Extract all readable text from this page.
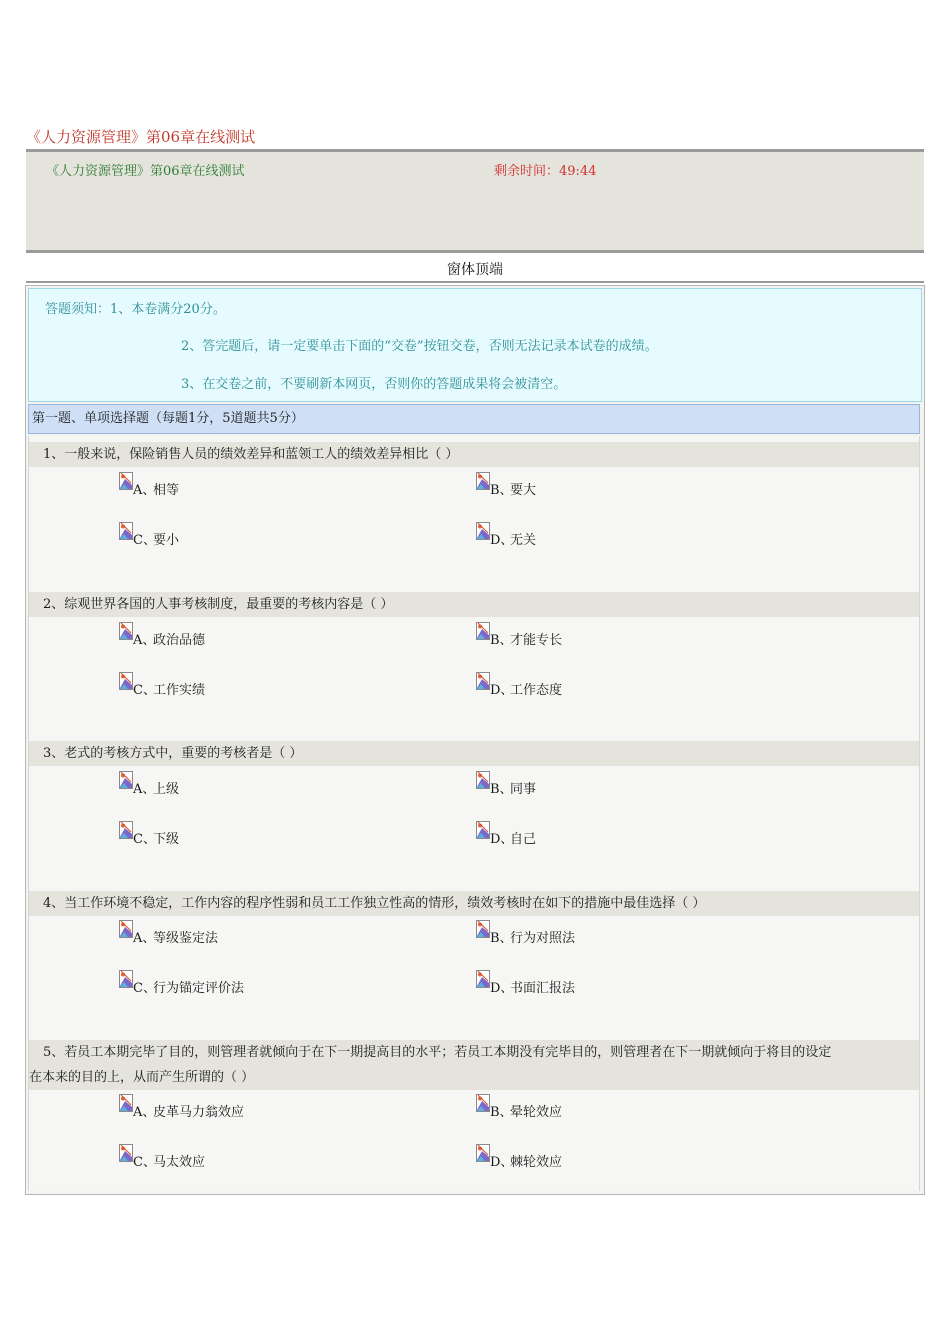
《人力资源管理》第06章在线测试
《人力资源管理》第06章在线测试	剩余时间：49:44
窗体顶端
答题须知：1、本卷满分20分。
2、答完题后，请一定要单击下面的“交卷”按钮交卷，否则无法记录本试卷的成绩。
3、在交卷之前，不要刷新本网页，否则你的答题成果将会被清空。
第一题、单项选择题（每题1分，5道题共5分）
1、一般来说，保险销售人员的绩效差异和蓝领工人的绩效差异相比（ ）
A、
相等	B、
要大
C、
要小	D、
无关
2、综观世界各国的人事考核制度，最重要的考核内容是（ ）
A、
政治品德	B、
才能专长
C、
工作实绩	D、
工作态度
3、老式的考核方式中，重要的考核者是（ ）
A、
上级	B、
同事
C、
下级	D、
自己
4、当工作环境不稳定，工作内容的程序性弱和员工工作独立性高的情形，绩效考核时在如下的措施中最佳选择（ ）
A、
等级鉴定法	B、
行为对照法
C、
行为锚定评价法	D、
书面汇报法
5、若员工本期完毕了目的，则管理者就倾向于在下一期提高目的水平；若员工本期没有完毕目的，则管理者在下一期就倾向于将目的设定
在本来的目的上，从而产生所谓的（ ）
A、
皮革马力翁效应	B、
晕轮效应
C、
马太效应	D、
棘轮效应
